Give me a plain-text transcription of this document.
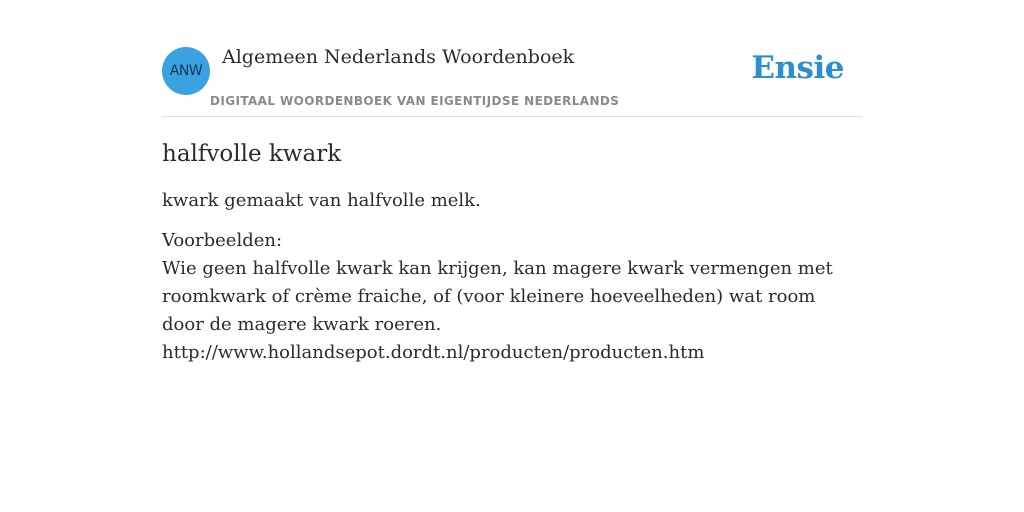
ANW
Algemeen Nederlands Woordenboek
DIGITAAL WOORDENBOEK VAN EIGENTIJDSE NEDERLANDS
Ensie
halfvolle kwark

kwark gemaakt van halfvolle melk.

Voorbeelden:
Wie geen halfvolle kwark kan krijgen, kan magere kwark vermengen met roomkwark of crème fraiche, of (voor kleinere hoeveelheden) wat room door de magere kwark roeren.
http://www.hollandsepot.dordt.nl/producten/producten.htm
